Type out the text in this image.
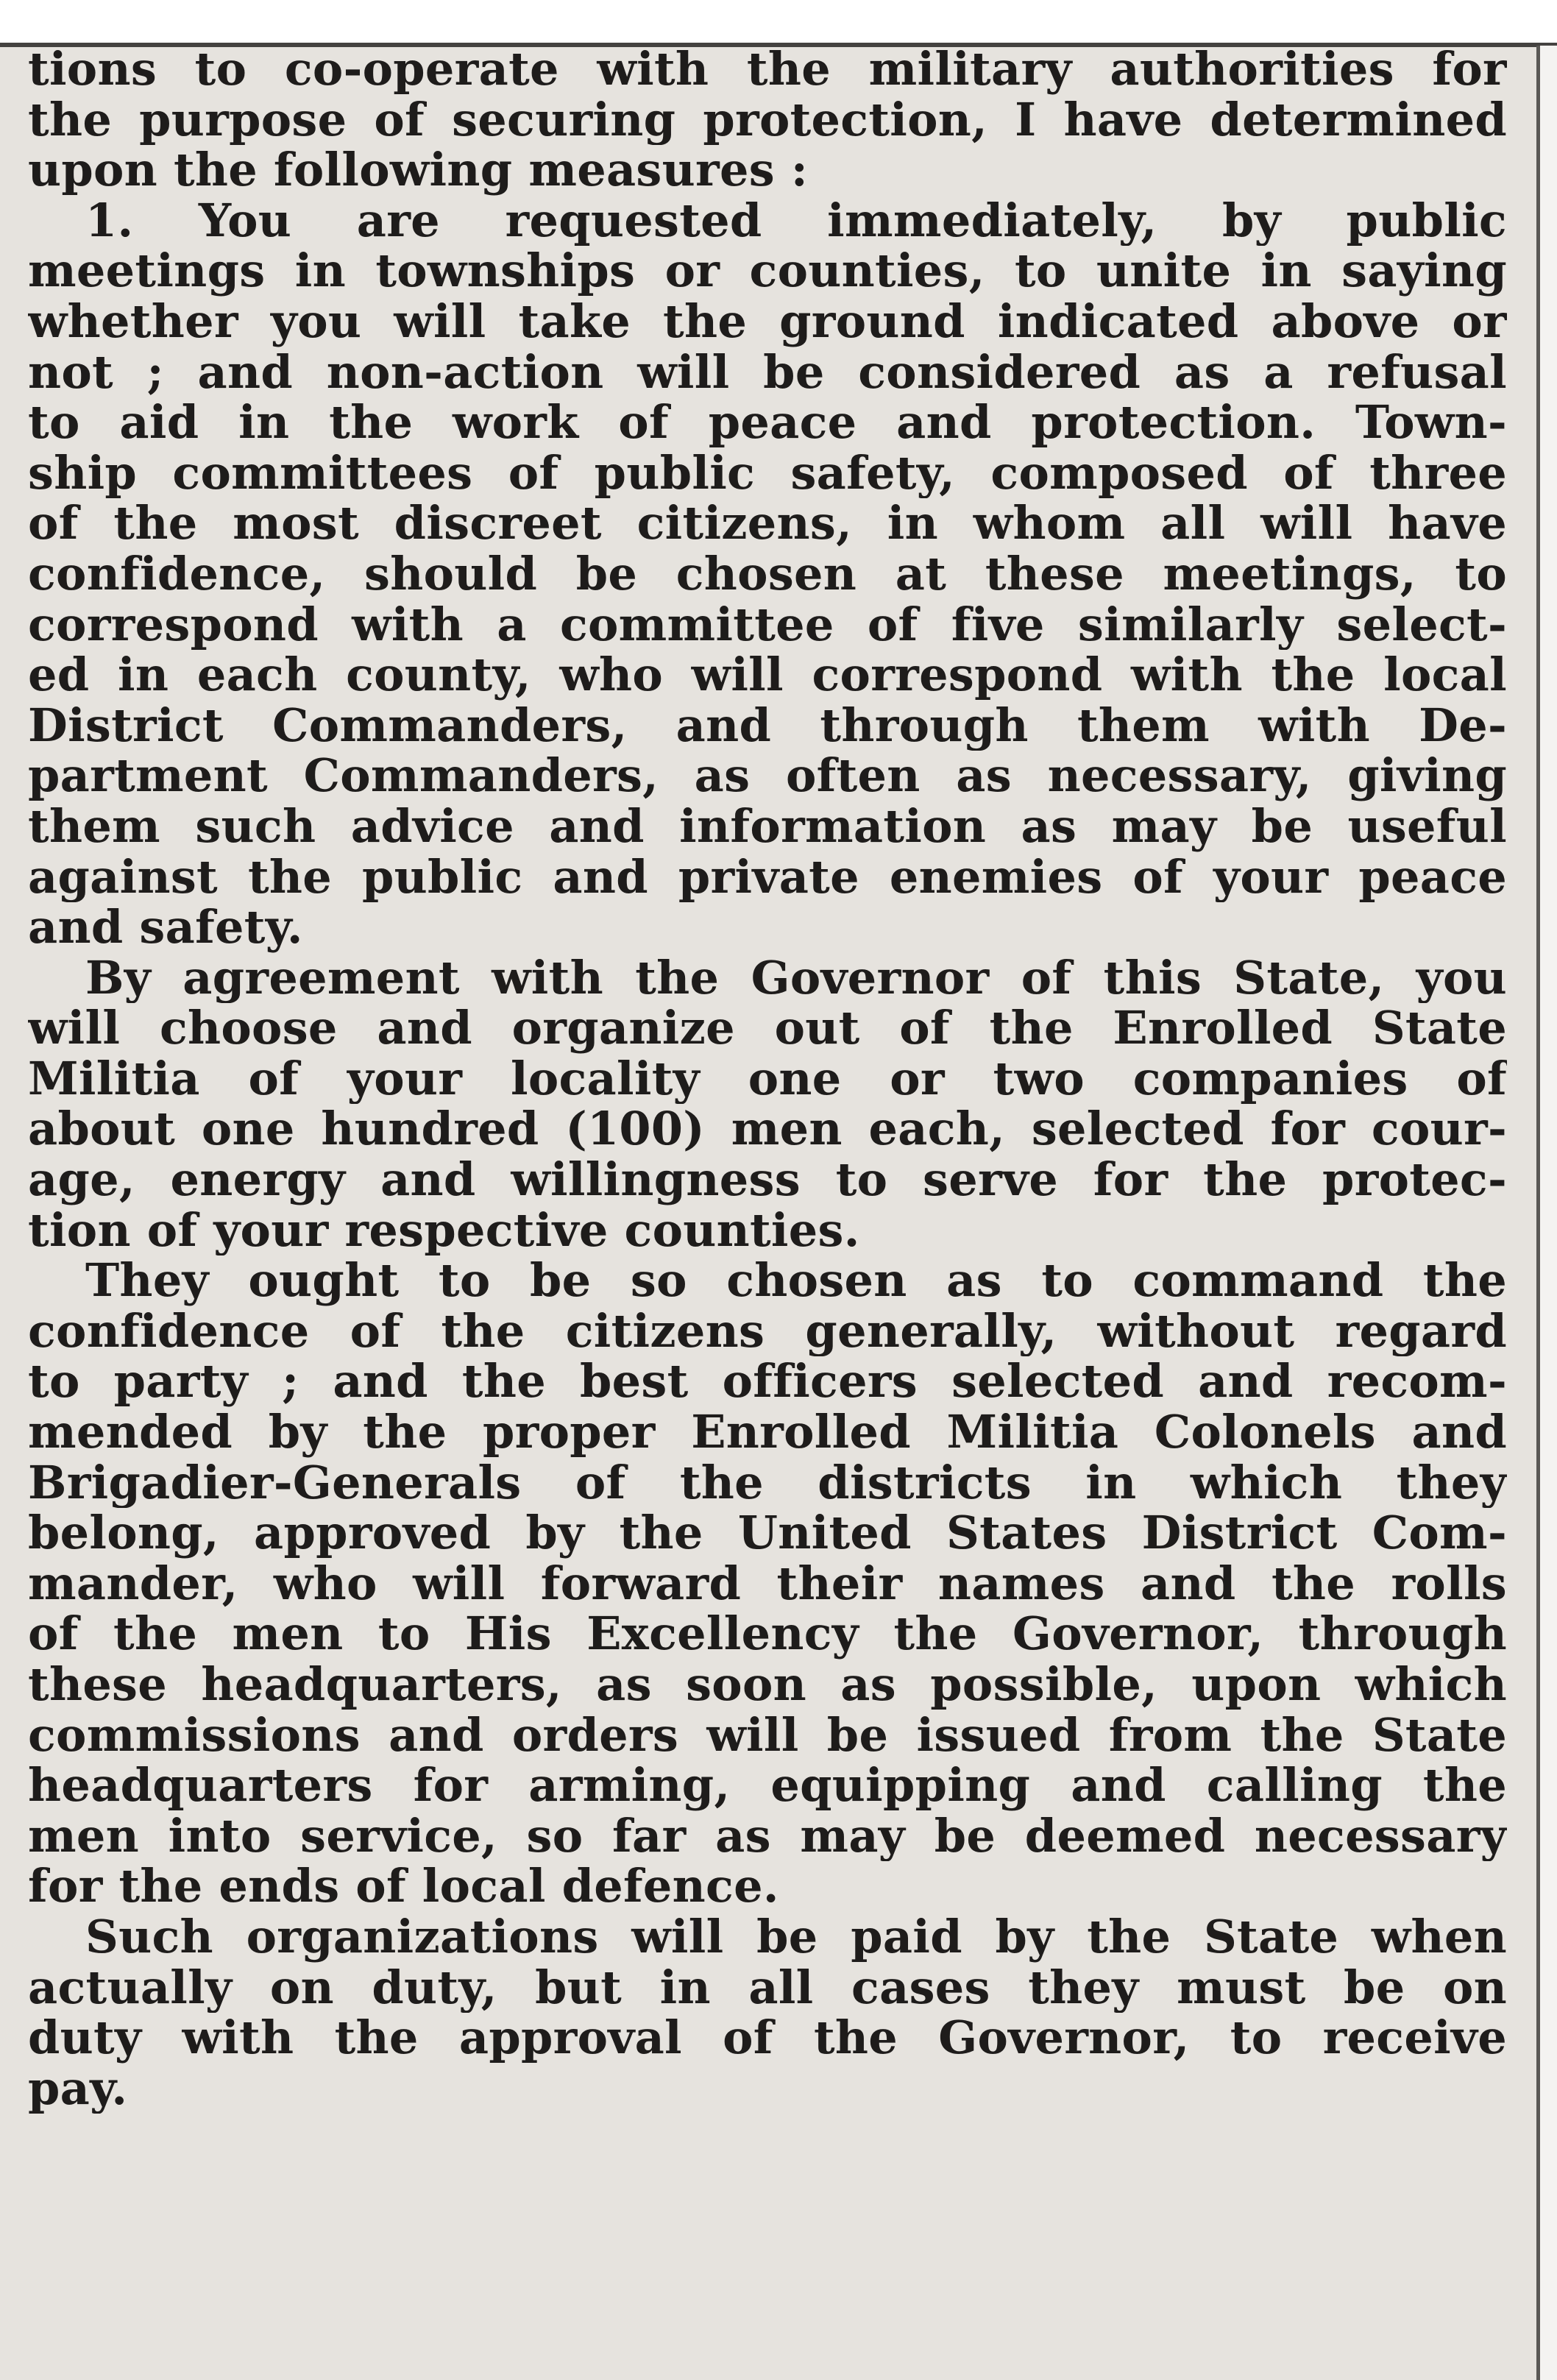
tions to co-operate with the military authorities for
the purpose of securing protection, I have determined
upon the following measures :
1. You are requested immediately, by public
meetings in townships or counties, to unite in saying
whether you will take the ground indicated above or
not ; and non-action will be considered as a refusal
to aid in the work of peace and protection. Town-
ship committees of public safety, composed of three
of the most discreet citizens, in whom all will have
confidence, should be chosen at these meetings, to
correspond with a committee of five similarly select-
ed in each county, who will correspond with the local
District Commanders, and through them with De-
partment Commanders, as often as necessary, giving
them such advice and information as may be useful
against the public and private enemies of your peace
and safety.
By agreement with the Governor of this State, you
will choose and organize out of the Enrolled State
Militia of your locality one or two companies of
about one hundred (100) men each, selected for cour-
age, energy and willingness to serve for the protec-
tion of your respective counties.
They ought to be so chosen as to command the
confidence of the citizens generally, without regard
to party ; and the best officers selected and recom-
mended by the proper Enrolled Militia Colonels and
Brigadier-Generals of the districts in which they
belong, approved by the United States District Com-
mander, who will forward their names and the rolls
of the men to His Excellency the Governor, through
these headquarters, as soon as possible, upon which
commissions and orders will be issued from the State
headquarters for arming, equipping and calling the
men into service, so far as may be deemed necessary
for the ends of local defence.
Such organizations will be paid by the State when
actually on duty, but in all cases they must be on
duty with the approval of the Governor, to receive
pay.
